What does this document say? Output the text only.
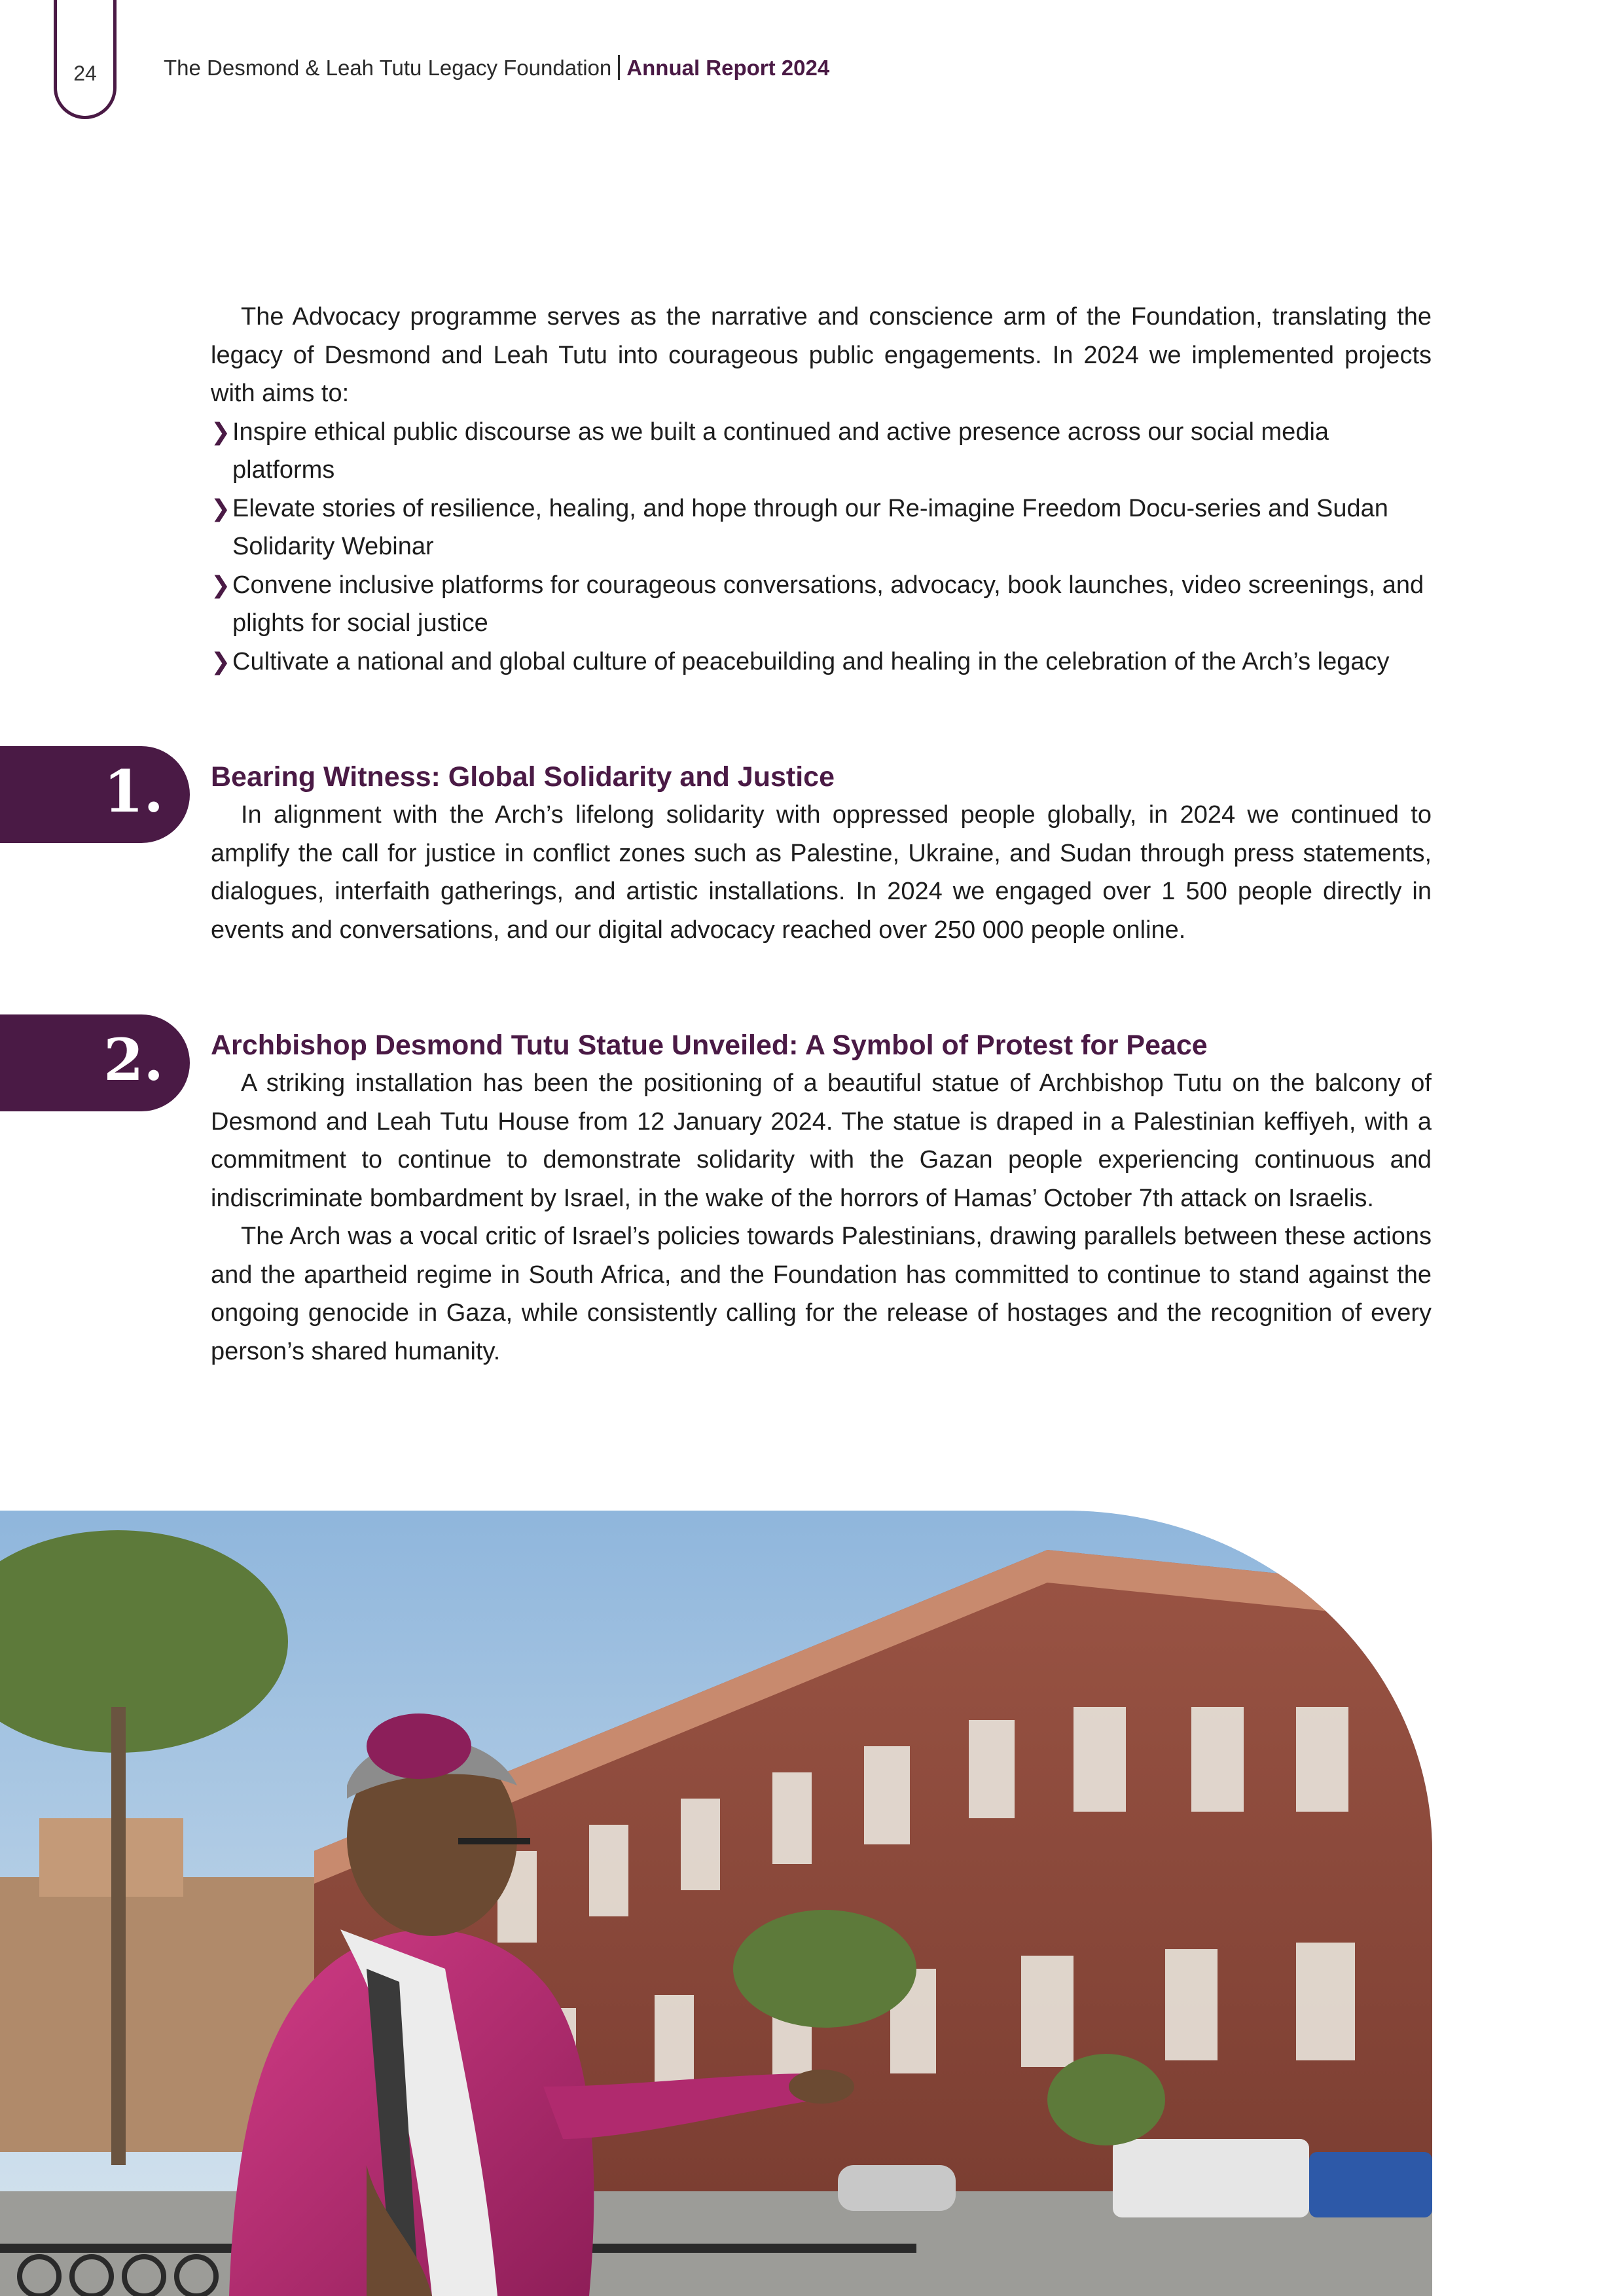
24	The Desmond & Leah Tutu Legacy Foundation Annual Report 2024

The Advocacy programme serves as the narrative and conscience arm of the Foundation, translating the legacy of Desmond and Leah Tutu into courageous public engagements. In 2024 we implemented projects with aims to:

❯ Inspire ethical public discourse as we built a continued and active presence across our social media platforms
❯ Elevate stories of resilience, healing, and hope through our Re-imagine Freedom Docu-series and Sudan Solidarity Webinar
❯ Convene inclusive platforms for courageous conversations, advocacy, book launches, video screenings, and plights for social justice
❯ Cultivate a national and global culture of peacebuilding and healing in the celebration of the Arch’s legacy
1. Bearing Witness: Global Solidarity and Justice

In alignment with the Arch’s lifelong solidarity with oppressed people globally, in 2024 we continued to amplify the call for justice in conflict zones such as Palestine, Ukraine, and Sudan through press statements, dialogues, interfaith gatherings, and artistic installations. In 2024 we engaged over 1 500 people directly in events and conversations, and our digital advocacy reached over 250 000 people online.

2. Archbishop Desmond Tutu Statue Unveiled: A Symbol of Protest for Peace

A striking installation has been the positioning of a beautiful statue of Archbishop Tutu on the balcony of Desmond and Leah Tutu House from 12 January 2024. The statue is draped in a Palestinian keffiyeh, with a commitment to continue to demonstrate solidarity with the Gazan people experiencing continuous and indiscriminate bombardment by Israel, in the wake of the horrors of Hamas’ October 7th attack on Israelis.

The Arch was a vocal critic of Israel’s policies towards Palestinians, drawing parallels between these actions and the apartheid regime in South Africa, and the Foundation has committed to continue to stand against the ongoing genocide in Gaza, while consistently calling for the release of hostages and the recognition of every person’s shared humanity.
